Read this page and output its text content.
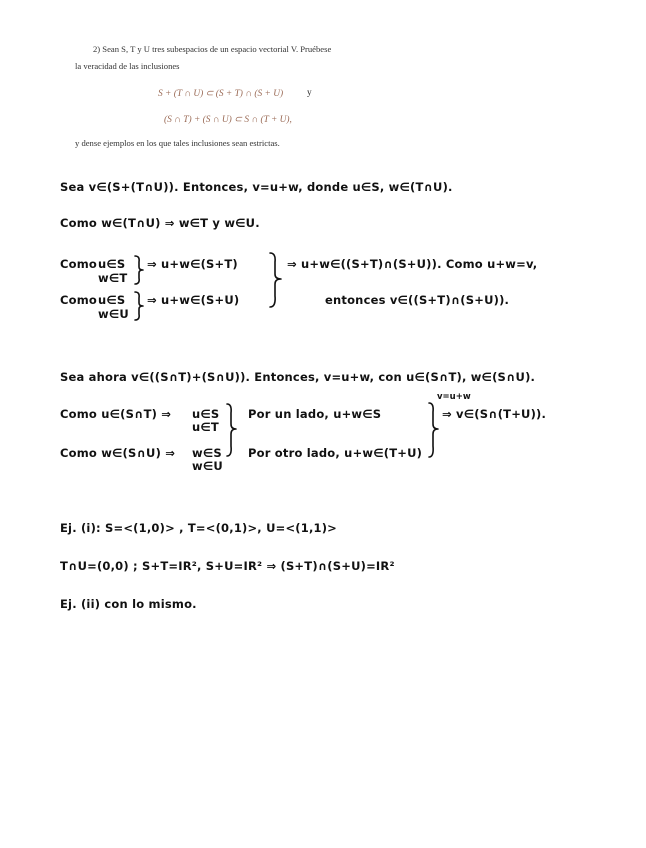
2) Sean S, T y U tres subespacios de un espacio vectorial V. Pruébese
la veracidad de las inclusiones
S + (T ∩ U) ⊂ (S + T) ∩ (S + U)	y
(S ∩ T) + (S ∩ U) ⊂ S ∩ (T + U),
y dense ejemplos en los que tales inclusiones sean estrictas.
Sea v∈(S+(T∩U)). Entonces, v=u+w, donde u∈S, w∈(T∩U).
Como w∈(T∩U) ⇒ w∈T y w∈U.
Como u∈S
w∈T
⇒ u+w∈(S+T)
Como u∈S
w∈U
⇒ u+w∈(S+U)
⇒ u+w∈((S+T)∩(S+U)). Como u+w=v,
entonces v∈((S+T)∩(S+U)).
Sea ahora v∈((S∩T)+(S∩U)). Entonces, v=u+w, con u∈(S∩T), w∈(S∩U).
Como u∈(S∩T) ⇒ u∈S
u∈T
Como w∈(S∩U) ⇒ w∈S
w∈U
Por un lado, u+w∈S
Por otro lado, u+w∈(T+U)
v=u+w
⇒ v∈(S∩(T+U)).
Ej. (i): S=<(1,0)> , T=<(0,1)>, U=<(1,1)>
T∩U=(0,0) ; S+T=IR², S+U=IR² ⇒ (S+T)∩(S+U)=IR²
Ej. (ii) con lo mismo.
